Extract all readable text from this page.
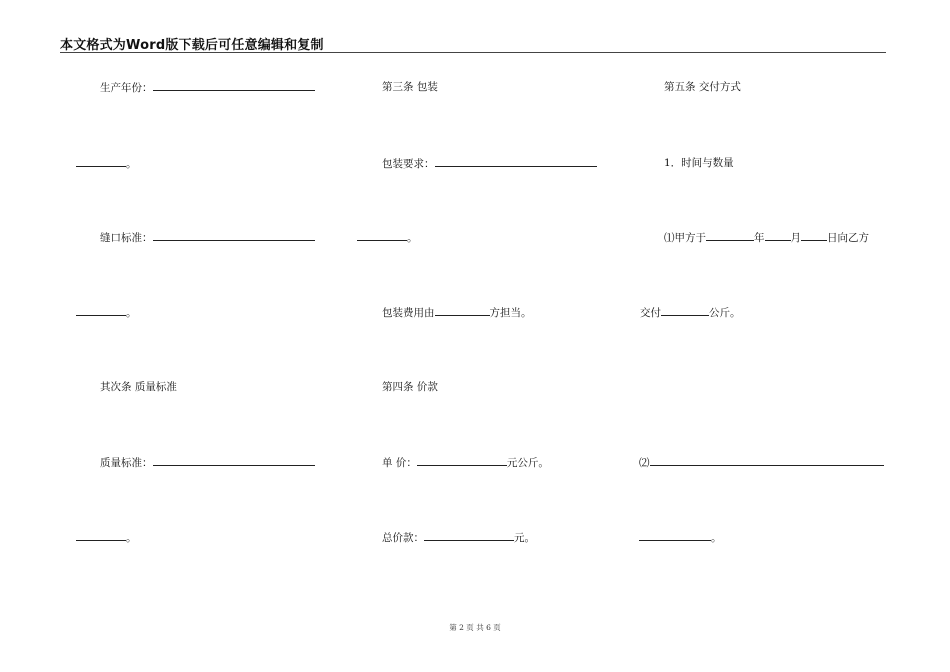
本文格式为Word版下载后可任意编辑和复制
生产年份：
。
缝口标准：
。
其次条 质量标准
质量标准：
。
第三条 包装
包装要求：
。
包装费用由	方担当。
第四条 价款
单 价：	元公斤。
总价款：	元。
第五条 交付方式
1．时间与数量
⑴甲方于	年 月 日向乙方
交付	公斤。
⑵
。
第 2 页 共 6 页
